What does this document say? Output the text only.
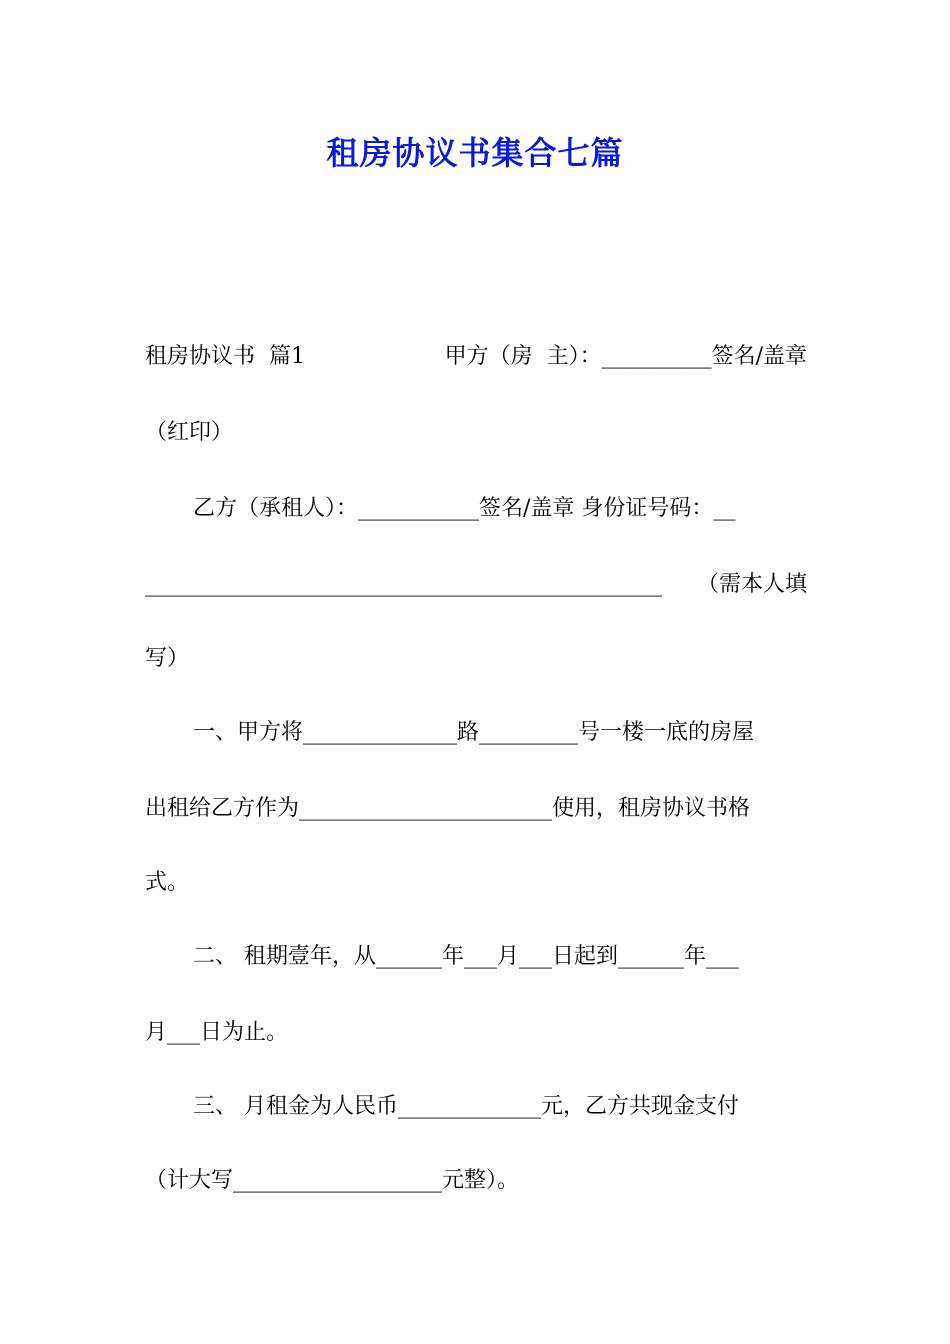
租房协议书集合七篇
租房协议书  篇1	甲方（房  主）：__________签名/盖章
（红印）
乙方（承租人）：___________签名/盖章 身份证号码：__
_______________________________________________ （需本人填
写）
一、甲方将______________路_________号一楼一底的房屋
出租给乙方作为_______________________使用，租房协议书格
式。
二、 租期壹年，从______年___月___日起到______年___
月___日为止。
三、 月租金为人民币_____________元，乙方共现金支付
（计大写___________________元整）。
